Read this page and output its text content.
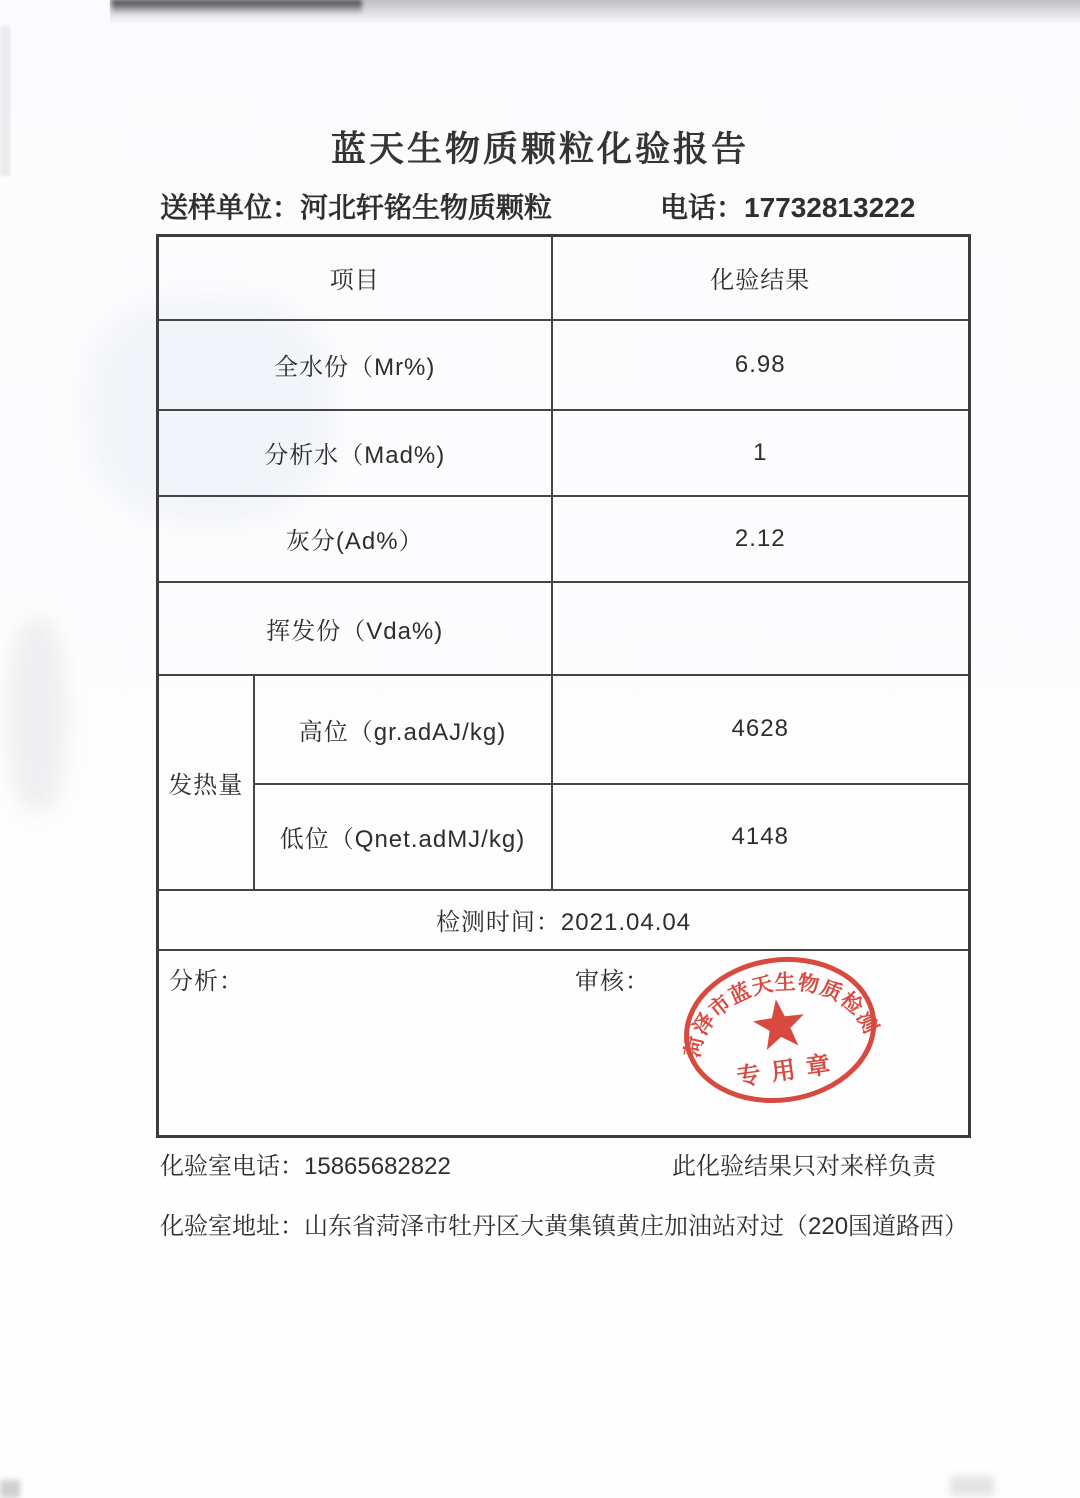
蓝天生物质颗粒化验报告
送样单位：河北轩铭生物质颗粒	电话：17732813222
项目		化验结果
全水份（Mr%)		6.98
分析水（Mad%)		1
灰分(Ad%）		2.12
挥发份（Vda%)		
发热量	高位（gr.adAJ/kg)	4628
	低位（Qnet.adMJ/kg)	4148
检测时间：2021.04.04		

分析： 审核：		
菏泽市蓝天生物质检测
专用章
化验室电话：15865682822	此化验结果只对来样负责
化验室地址：山东省菏泽市牡丹区大黄集镇黄庄加油站对过（220国道路西）
